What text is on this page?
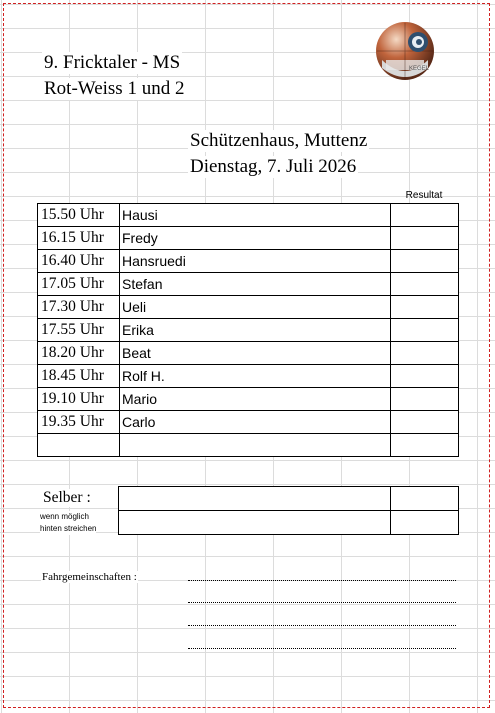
9. Fricktaler - MS
Rot-Weiss 1 und 2
KEGEL
Schützenhaus, Muttenz
Dienstag, 7. Juli 2026
Resultat
15.50 Uhr	Hausi	
16.15 Uhr	Fredy	
16.40 Uhr	Hansruedi	
17.05 Uhr	Stefan	
17.30 Uhr	Ueli	
17.55 Uhr	Erika	
18.20 Uhr	Beat	
18.45 Uhr	Rolf H.	
19.10 Uhr	Mario	
19.35 Uhr	Carlo	

Selber :
wenn möglich
hinten streichen

Fahrgemeinschaften :
